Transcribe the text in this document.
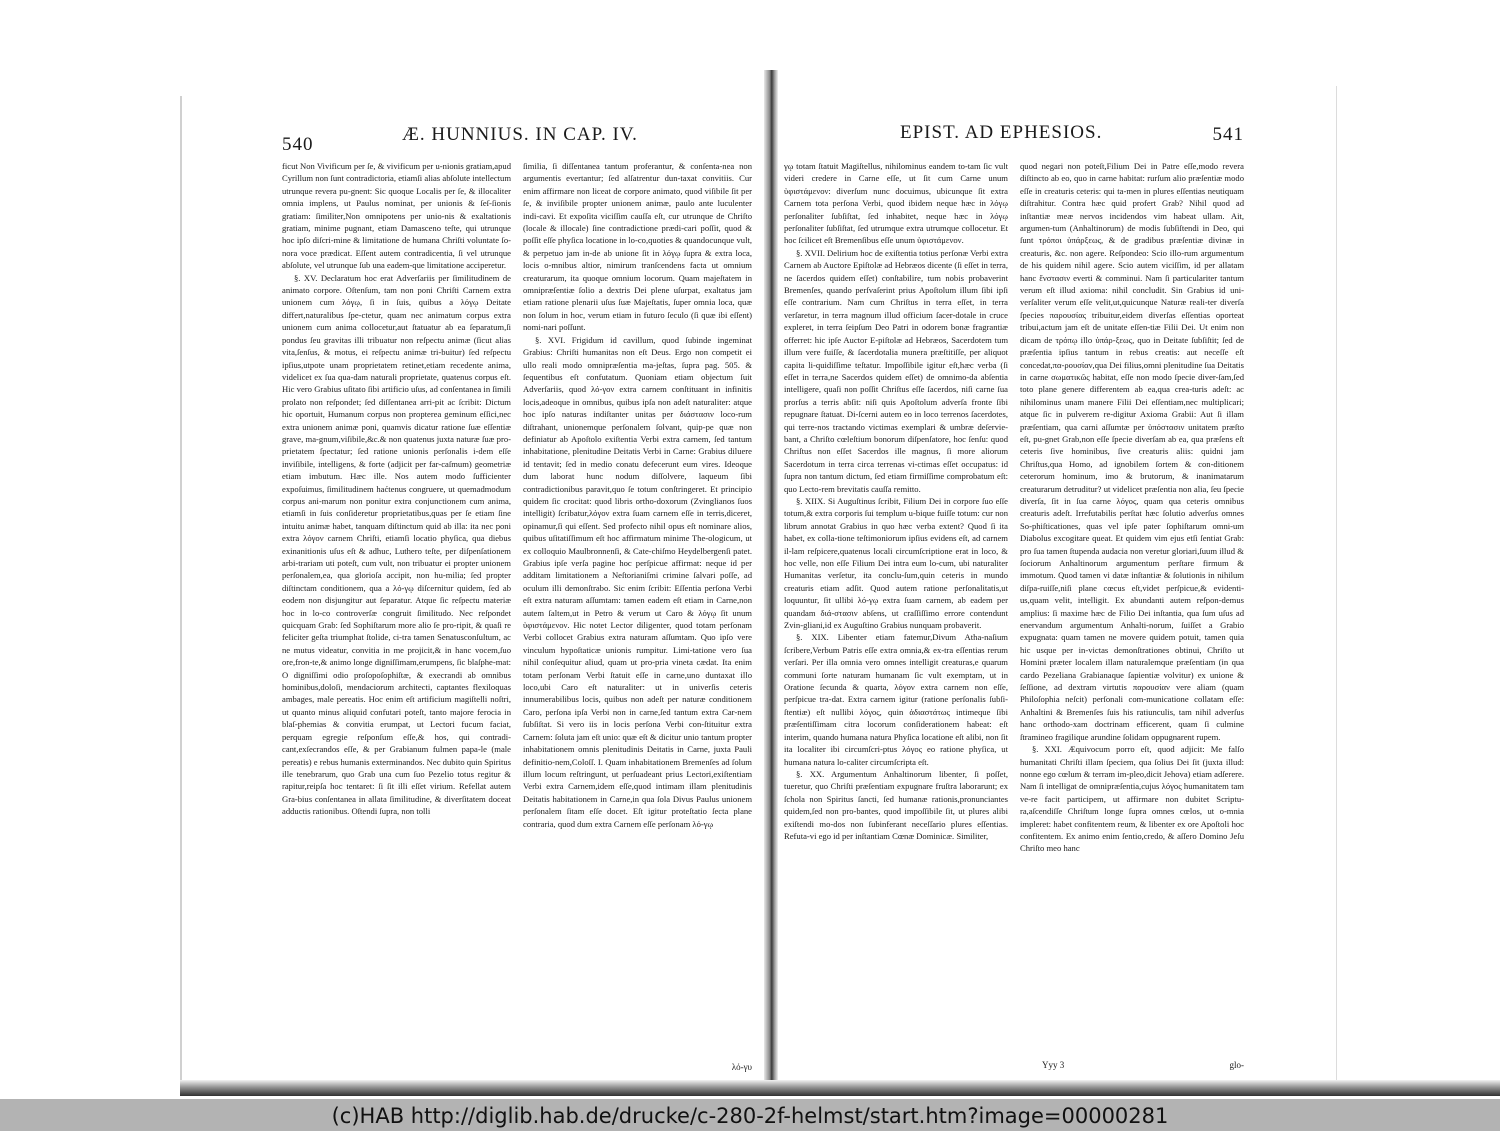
540	Æ. HUNNIUS. IN CAP. IV.

ficut Non Vivificum per ſe, & vivificum per u-nionis gratiam,apud Cyrillum non ſunt contradictoria, etiamſi alias abſolute intellectum utrunque revera pu-gnent: Sic quoque Localis per ſe, & illocaliter omnia implens, ut Paulus nominat, per unionis & ſeſ-ſionis gratiam: ſimiliter,Non omnipotens per unio-nis & exaltationis gratiam, minime pugnant, etiam Damasceno teſte, qui utrunque hoc ipſo diſcri-mine & limitatione de humana Chriſti voluntate ſo-nora voce prædicat. Eſſent autem contradicentia, ſi vel utrunque abſolute, vel utrunque ſub una eadem-que limitatione acciperetur.

§. XV. Declaratum hoc erat Adverſariis per ſimilitudinem de animato corpore. Oſtenſum, tam non poni Chriſti Carnem extra unionem cum λόγῳ, ſi in ſuis, quibus a λόγῳ Deitate differt,naturalibus ſpe-ctetur, quam nec animatum corpus extra unionem cum anima collocetur,aut ſtatuatur ab ea ſeparatum,ſi pondus ſeu gravitas illi tribuatur non reſpectu animæ (ſicut alias vita,ſenſus, & motus, ei reſpectu animæ tri-buitur) ſed reſpectu ipſius,utpote unam proprietatem retinet,etiam recedente anima, videlicet ex ſua qua-dam naturali proprietate, quatenus corpus eſt. Hic vero Grabius uſitato ſibi artificio uſus, ad conſentanea in ſimili prolato non reſpondet; ſed diſſentanea arri-pit ac ſcribit: Dictum hic oportuit, Humanum corpus non propterea geminum eſſici,nec extra unionem animæ poni, quamvis dicatur ratione ſuæ eſſentiæ grave, ma-gnum,viſibile,&c.& non quatenus juxta naturæ ſuæ pro-prietatem ſpectatur; ſed ratione unionis perſonalis i-dem eſſe inviſibile, intelligens, & forte (adjicit per far-caſmum) geometriæ etiam imbutum. Hæc ille. Nos autem modo ſufficienter expoſuimus, ſimilitudinem haćtenus congruere, ut quemadmodum corpus ani-marum non ponitur extra conjunctionem cum anima, etiamſi in ſuis conſideretur proprietatibus,quas per ſe etiam ſine intuitu animæ habet, tanquam diſtinctum quid ab illa: ita nec poni extra λόγον carnem Chriſti, etiamſi locatio phyſica, qua diebus exinanitionis uſus eſt & adhuc, Luthero teſte, per diſpenſationem arbi-trariam uti poteſt, cum vult, non tribuatur ei propter unionem perſonalem,ea, qua glorioſa accipit, non hu-milia; ſed propter diſtinctam conditionem, qua a λό-γῳ diſcernitur quidem, ſed ab eodem non disjungitur aut ſeparatur. Atque ſic reſpectu materiæ hoc in lo-co controverſæ congruit ſimilitudo. Nec reſpondet quicquam Grab: ſed Sophiſtarum more alio ſe pro-ripit, & quaſi re feliciter geſta triumphat ſtolide, ci-tra tamen Senatusconſultum, ac ne mutus videatur, convitia in me projicit,& in hanc vocem,ſuo ore,fron-te,& animo longe digniſſimam,erumpens, ſic blaſphe-mat: O digniſſimi odio proſopoſophiſtæ, & execrandi ab omnibus hominibus,doloſi, mendaciorum architecti, captantes flexiloquas ambages, male pereatis. Hoc enim eſt artificium magiſtelli noſtri, ut quanto minus aliquid confutari poteſt, tanto majore ferocia in blaſ-phemias & convitia erumpat, ut Lectori fucum faciat, perquam egregie reſponſum eſſe,& hos, qui contradi-cant,exſecrandos eſſe, & per Grabianum fulmen papa-le (male pereatis) e rebus humanis exterminandos. Nec dubito quin Spiritus ille tenebrarum, quo Grab una cum ſuo Pezelio totus regitur & rapitur,reipſa hoc tentaret: ſi ſit illi eſſet virium. Refellat autem Gra-bius conſentanea in allata ſimilitudine, & diverſitatem doceat adductis rationibus. Oſtendi ſupra, non tolli

ſimilia, ſi diſſentanea tantum proferantur, & conſenta-nea non argumentis evertantur; ſed alſatrentur dun-taxat convitiis. Cur enim affirmare non liceat de corpore animato, quod viſibile ſit per ſe, & inviſibile propter unionem animæ, paulo ante luculenter indi-cavi. Et expoſita viciſſim cauſſa eſt, cur utrunque de Chriſto (locale & illocale) ſine contradictione prædi-cari poſſit, quod & poſſit eſſe phyſica locatione in lo-co,quoties & quandocunque vult, & perpetuo jam in-de ab unione ſit in λόγῳ ſupra & extra loca, locis o-mnibus altior, nimirum tranſcendens facta ut omnium creaturarum, ita quoque omnium locorum. Quam majeſtatem in omnipræſentiæ ſolio a dextris Dei plene uſurpat, exaltatus jam etiam ratione plenarii uſus ſuæ Majeſtatis, ſuper omnia loca, quæ non ſolum in hoc, verum etiam in futuro ſeculo (ſi quæ ibi eſſent) nomi-nari poſſunt.

§. XVI. Frigidum id cavillum, quod ſubinde ingeminat Grabius: Chriſti humanitas non eſt Deus. Ergo non competit ei ullo reali modo omnipræſentia ma-jeſtas, ſupra pag. 505. & ſequentibus eſt confutatum. Quoniam etiam objectum ſuit Adverſariis, quod λό-γον extra carnem conſtituant in infinitis locis,adeoque in omnibus, quibus ipſa non adeſt naturaliter: atque hoc ipſo naturas indiſtanter unitas per διάστασιν loco-rum diſtrahant, unionemque perſonalem ſolvant, quip-pe quæ non definiatur ab Apoſtolo exiſtentia Verbi extra carnem, ſed tantum inhabitatione, plenitudine Deitatis Verbi in Carne: Grabius diluere id tentavit; ſed in medio conatu defecerunt eum vires. Ideoque dum laborat hunc nodum diſſolvere, laqueum ſibi contradictionibus paravit,quo ſe totum conſtringeret. Et principio quidem ſic crocitat: quod libris ortho-doxorum (Zvinglianos ſuos intelligit) ſcribatur,λόγον extra ſuam carnem eſſe in terris,diceret, opinamur,ſi qui eſſent. Sed profecto nihil opus eſt nominare alios, quibus uſitatiſſimum eſt hoc affirmatum minime The-ologicum, ut ex colloquio Maulbronnenſi, & Cate-chiſmo Heydelbergenſi patet. Grabius ipſe verſa pagine hoc perſpicue affirmat: neque id per additam limitationem a Neſtorianiſmi crimine ſalvari poſſe, ad oculum illi demonſtrabo. Sic enim ſcribit: Eſſentia perſona Verbi eſt extra naturam aſſumtam: tamen eadem eſt etiam in Carne,non autem ſaltem,ut in Petro & verum ut Caro & λόγῳ ſit unum ὑφιστάμενον. Hic notet Lector diligenter, quod totam perſonam Verbi collocet Grabius extra naturam aſſumtam. Quo ipſo vere vinculum hypoſtaticæ unionis rumpitur. Limi-tatione vero ſua nihil conſequitur aliud, quam ut pro-pria vineta cædat. Ita enim totam perſonam Verbi ſtatuit eſſe in carne,uno duntaxat illo loco,ubi Caro eſt naturaliter: ut in univerſis ceteris innumerabilibus locis, quibus non adeſt per naturæ conditionem Caro, perſona ipſa Verbi non in carne,ſed tantum extra Car-nem ſubſiſtat. Si vero iis in locis perſona Verbi con-ſtituitur extra Carnem: ſoluta jam eſt unio: quæ eſt & dicitur unio tantum propter inhabitationem omnis plenitudinis Deitatis in Carne, juxta Pauli definitio-nem,Coloſſ. I. Quam inhabitationem Bremenſes ad ſolum illum locum reſtringunt, ut perſuadeant prius Lectori,exiſtentiam Verbi extra Carnem,idem eſſe,quod intimam illam plenitudinis Deitatis habitationem in Carne,in qua ſola Divus Paulus unionem perſonalem ſitam eſſe docet. Eſt igitur proteſtatio ſecta plane contraria, quod dum extra Carnem eſſe perſonam λό-γῳ

λό-γυ
EPIST. AD EPHESIOS.	541

γῳ totam ſtatuit Magiſtellus, nihilominus eandem to-tam ſic vult videri credere in Carne eſſe, ut ſit cum Carne unum ὑφιστάμενον: diverſum nunc docuimus, ubicunque ſit extra Carnem tota perſona Verbi, quod ibidem neque hæc in λόγῳ perſonaliter ſubſiſtat, ſed inhabitet, neque hæc in λόγῳ perſonaliter ſubſiſtat, ſed utrumque extra utrumque collocetur. Et hoc ſcilicet eſt Bremenſibus eſſe unum ὑφιστάμενον.

§. XVII. Delirium hoc de exiſtentia totius perſonæ Verbi extra Carnem ab Auctore Epiſtolæ ad Hebræos dicente (ſi eſſet in terra, ne ſacerdos quidem eſſet) conſtabilire, tum nobis probaverint Bremenſes, quando perſvaſerint prius Apoſtolum illum ſibi ipſi eſſe contrarium. Nam cum Chriſtus in terra eſſet, in terra verſaretur, in terra magnum illud officium ſacer-dotale in cruce expleret, in terra ſeipſum Deo Patri in odorem bonæ fragrantiæ offerret: hic ipſe Auctor E-piſtolæ ad Hebræos, Sacerdotem tum illum vere fuiſſe, & ſacerdotalia munera præſtitiſſe, per aliquot capita li-quidiſſime teſtatur. Impoſſibile igitur eſt,hæc verba (ſi eſſet in terra,ne Sacerdos quidem eſſet) de omnimo-da abſentia intelligere, quaſi non poſſit Chriſtus eſſe ſacerdos, niſi carne ſua prorſus a terris abſit: niſi quis Apoſtolum adverſa fronte ſibi repugnare ſtatuat. Di-ſcerni autem eo in loco terrenos ſacerdotes, qui terre-nos tractando victimas exemplari & umbræ deſervie-bant, a Chriſto cœleſtium bonorum diſpenſatore, hoc ſenſu: quod Chriſtus non eſſet Sacerdos ille magnus, ſi more aliorum Sacerdotum in terra circa terrenas vi-ctimas eſſet occupatus: id ſupra non tantum dictum, ſed etiam firmiſſime comprobatum eſt: quo Lecto-rem brevitatis cauſſa remitto.

§. XIIX. Si Auguſtinus ſcribit, Filium Dei in corpore ſuo eſſe totum,& extra corporis ſui templum u-bique fuiſſe totum: cur non librum annotat Grabius in quo hæc verba extent? Quod ſi ita habet, ex colla-tione teſtimoniorum ipſius evidens eſt, ad carnem il-lam reſpicere,quatenus locali circumſcriptione erat in loco, & hoc velle, non eſſe Filium Dei intra eum lo-cum, ubi naturaliter Humanitas verſetur, ita conclu-ſum,quin ceteris in mundo creaturis etiam adſit. Quod autem ratione perſonalitatis,ut loquuntur, ſit ullibi λό-γῳ extra ſuam carnem, ab eadem per quandam διά-στασιν abſens, ut craſſiſſimo errore contendunt Zvin-gliani,id ex Auguſtino Grabius nunquam probaverit.

§. XIX. Libenter etiam fatemur,Divum Atha-naſium ſcribere,Verbum Patris eſſe extra omnia,& ex-tra eſſentias rerum verſari. Per illa omnia vero omnes intelligit creaturas,e quarum communi ſorte naturam humanam ſic vult exemptam, ut in Oratione ſecunda & quarta, λόγον extra carnem non eſſe, perſpicue tra-dat. Extra carnem igitur (ratione perſonalis ſubſi-ſtentiæ) eſt nullibi λόγος, quin ἀδιαστάτως intimeque ſibi præſentiſſimam citra locorum conſiderationem habeat: eſt interim, quando humana natura Phyſica locatione eſt alibi, non ſit ita localiter ibi circumſcri-ptus λόγος eo ratione phyſica, ut humana natura lo-caliter circumſcripta eſt.

§. XX. Argumentum Anhaltinorum libenter, ſi poſſet, tueretur, quo Chriſti præſentiam expugnare fruſtra laborarunt; ex ſchola non Spiritus ſancti, ſed humanæ rationis,pronunciantes quidem,ſed non pro-bantes, quod impoſſibile ſit, ut plures alibi exiſtendi mo-dos non ſubinferant neceſſario plures eſſentias. Refuta-vi ego id per inſtantiam Cœnæ Dominicæ. Similiter,

quod negari non poteſt,Filium Dei in Patre eſſe,modo revera diſtincto ab eo, quo in carne habitat: rurſum alio præſentiæ modo eſſe in creaturis ceteris: qui ta-men in plures eſſentias neutiquam diſtrahitur. Contra hæc quid profert Grab? Nihil quod ad inſtantiæ meæ nervos incidendos vim habeat ullam. Ait, argumen-tum (Anhaltinorum) de modis ſubſiſtendi in Deo, qui ſunt τρόποι ὑπάρξεως, & de gradibus præſentiæ divinæ in creaturis, &c. non agere. Reſpondeo: Scio illo-rum argumentum de his quidem nihil agere. Scio autem viciſſim, id per allatam hanc ἔνστασιν everti & comminui. Nam ſi particulariter tantum verum eſt illud axioma: nihil concludit. Sin Grabius id uni-verſaliter verum eſſe velit,ut,quicunque Naturæ reali-ter diverſa ſpecies παρουσίας tribuitur,eidem diverſas eſſentias oporteat tribui,actum jam eſt de unitate eſſen-tiæ Filii Dei. Ut enim non dicam de τρόπῳ illo ὑπάρ-ξεως, quo in Deitate ſubſiſtit; ſed de præſentia ipſius tantum in rebus creatis: aut neceſſe eſt concedat,πα-ρουσίαν,qua Dei filius,omni plenitudine ſua Deitatis in carne σωματικῶς habitat, eſſe non modo ſpecie diver-ſam,ſed toto plane genere differentem ab ea,qua crea-turis adeſt: ac nihilominus unam manere Filii Dei eſſentiam,nec multiplicari; atque ſic in pulverem re-digitur Axioma Grabii: Aut ſi illam præſentiam, qua carni aſſumtæ per ὑπόστασιν unitatem præſto eſt, pu-gnet Grab,non eſſe ſpecie diverſam ab ea, qua præſens eſt ceteris ſive hominibus, ſive creaturis aliis: quidni jam Chriſtus,qua Homo, ad ignobilem ſortem & con-ditionem ceterorum hominum, imo & brutorum, & inanimatarum creaturarum detruditur? ut videlicet præſentia non alia, ſeu ſpecie diverſa, ſit in ſua carne λόγος, quam qua ceteris omnibus creaturis adeſt. Irrefutabilis perſtat hæc ſolutio adverſus omnes So-phiſticationes, quas vel ipſe pater ſophiſtarum omni-um Diabolus excogitare queat. Et quidem vim ejus etſi ſentiat Grab: pro ſua tamen ſtupenda audacia non veretur gloriari,ſuum illud & ſociorum Anhaltinorum argumentum perſtare firmum & immotum. Quod tamen vi datæ inſtantiæ & ſolutionis in nihilum diſpa-ruiſſe,niſi plane cœcus eſt,videt perſpicue,& evidenti-us,quam velit, intelligit. Ex abundanti autem reſpon-demus amplius: ſi maxime hæc de Filio Dei inſtantia, qua ſum uſus ad enervandum argumentum Anhalti-norum, ſuiſſet a Grabio expugnata: quam tamen ne movere quidem potuit, tamen quia hic usque per in-victas demonſtrationes obtinui, Chriſto ut Homini præter localem illam naturalemque præſentiam (in qua cardo Pezeliana Grabianaque ſapientiæ volvitur) ex unione & ſeſſione, ad dextram virtutis παρουσίαν vere aliam (quam Philoſophia neſcit) perſonali com-municatione collatam eſſe: Anhaltini & Bremenſes ſuis his ratiunculis, tam nihil adverſus hanc orthodo-xam doctrinam efficerent, quam ſi culmine ſtramineo fragilique arundine ſolidam oppugnarent rupem.

§. XXI. Æquivocum porro eſt, quod adjicit: Me falſo humanitati Chriſti illam ſpeciem, qua ſolius Dei ſit (juxta illud: nonne ego cœlum & terram im-pleo,dicit Jehova) etiam adſerere. Nam ſi intelligat de omnipræſentia,cujus λόγος humanitatem tam ve-re facit participem, ut affirmare non dubitet Scriptu-ra,aſcendiſſe Chriſtum longe ſupra omnes cœlos, ut o-mnia impleret: habet confitentem reum, & libenter ex ore Apoſtoli hoc confitentem. Ex animo enim ſentio,credo, & aſſero Domino Jeſu Chriſto meo hanc

Yyy 3	glo-
(c)HAB http://diglib.hab.de/drucke/c-280-2f-helmst/start.htm?image=00000281
